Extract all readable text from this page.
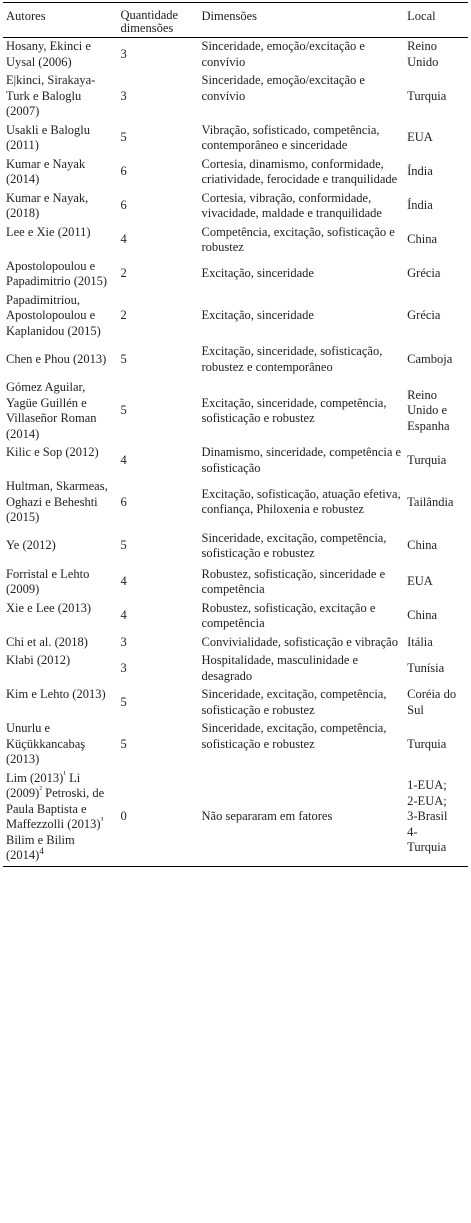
Autores	Quantidade dimensões	Dimensões	Local
Hosany, Ekinci e Uysal (2006)	3	Sinceridade, emoção/excitação e convívio	Reino Unido
E|kinci, Sirakaya-Turk e Baloglu (2007)	3	Sinceridade, emoção/excitação e convívio	Turquia
Usakli e Baloglu (2011)	5	Vibração, sofisticado, competência, contemporâneo e sinceridade	EUA
Kumar e Nayak (2014)	6	Cortesia, dinamismo, conformidade, criatividade, ferocidade e tranquilidade	Índia
Kumar e Nayak, (2018)	6	Cortesia, vibração, conformidade, vivacidade, maldade e tranquilidade	Índia
Lee e Xie (2011)	4	Competência, excitação, sofisticação e robustez	China
Apostolopoulou e Papadimitrio (2015)	2	Excitação, sinceridade	Grécia
Papadimitriou, Apostolopoulou e Kaplanidou (2015)	2	Excitação, sinceridade	Grécia
Chen e Phou (2013)	5	Excitação, sinceridade, sofisticação, robustez e contemporâneo	Camboja
Gómez Aguilar, Yagüe Guillén e Villaseñor Roman (2014)	5	Excitação, sinceridade, competência, sofisticação e robustez	Reino Unido e Espanha
Kilic e Sop (2012)	4	Dinamismo, sinceridade, competência e sofisticação	Turquia
Hultman, Skarmeas, Oghazi e Beheshti (2015)	6	Excitação, sofisticação, atuação efetiva, confiança, Philoxenia e robustez	Tailândia
Ye (2012)	5	Sinceridade, excitação, competência, sofisticação e robustez	China
Forristal e Lehto (2009)	4	Robustez, sofisticação, sinceridade e competência	EUA
Xie e Lee (2013)	4	Robustez, sofisticação, excitação e competência	China
Chi et al. (2018)	3	Convivialidade, sofisticação e vibração	Itália
Klabi (2012)	3	Hospitalidade, masculinidade e desagrado	Tunísia
Kim e Lehto (2013)	5	Sinceridade, excitação, competência, sofisticação e robustez	Coréia do Sul
Unurlu e Küçükkancabaş (2013)	5	Sinceridade, excitação, competência, sofisticação e robustez	Turquia
Lim $(2013)^{^1}$ Li $(2009)^{^2}$ Petroski, de Paula Baptista e Maffezzolli $(2013)^{^3}$ Bilim e Bilim $(2014)^4$	0	Não separaram em fatores	1-EUA;
2-EUA;
3-Brasil
4-
Turquia
